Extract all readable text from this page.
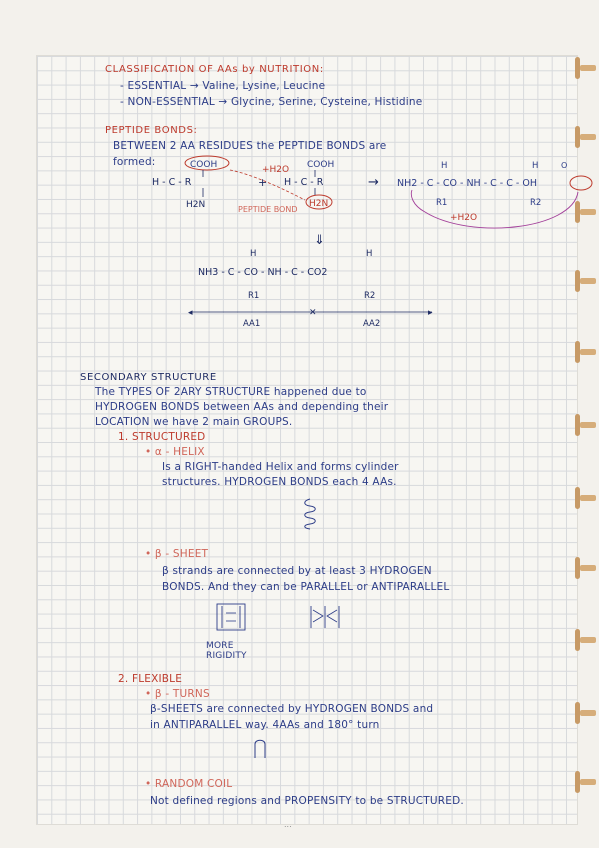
CLASSIFICATION OF AAs by NUTRITION:
- ESSENTIAL → Valine, Lysine, Leucine
- NON-ESSENTIAL → Glycine, Serine, Cysteine, Histidine
PEPTIDE BONDS:
BETWEEN 2 AA RESIDUES the PEPTIDE BONDS are
formed:	COOH
H - C - R
H2N
+
+H2O COOH
H - C - R
H2N
PEPTIDE BOND
→ NH2 - C - CO - NH - C - C - OH
H	H	O
R1	R2
+H2O
⇓
H	H
NH3 - C - CO - NH - C - CO2
R1	R2
◂	✕	▸
AA1	AA2
SECONDARY STRUCTURE
The TYPES OF 2ARY STRUCTURE happened due to
HYDROGEN BONDS between AAs and depending their
LOCATION we have 2 main GROUPS.
1. STRUCTURED
• α - HELIX
Is a RIGHT-handed Helix and forms cylinder
structures. HYDROGEN BONDS each 4 AAs.
• β - SHEET
β strands are connected by at least 3 HYDROGEN
BONDS. And they can be PARALLEL or ANTIPARALLEL
MORE RIGIDITY
2. FLEXIBLE
• β - TURNS
β-SHEETS are connected by HYDROGEN BONDS and
in ANTIPARALLEL way. 4AAs and 180° turn
• RANDOM COIL
Not defined regions and PROPENSITY to be STRUCTURED.
...
